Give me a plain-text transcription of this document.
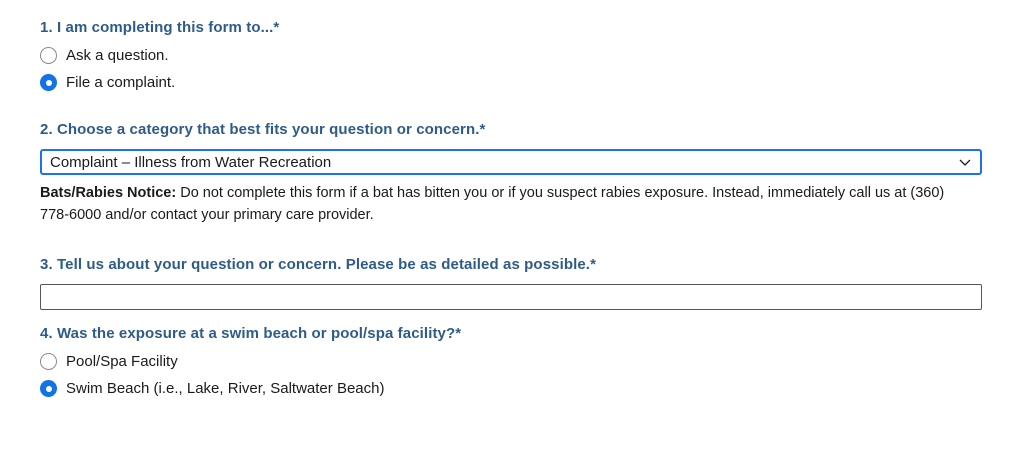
1. I am completing this form to...*
Ask a question.
File a complaint.
2. Choose a category that best fits your question or concern.*
Complaint – Illness from Water Recreation
Bats/Rabies Notice: Do not complete this form if a bat has bitten you or if you suspect rabies exposure. Instead, immediately call us at (360) 778-6000 and/or contact your primary care provider.
3. Tell us about your question or concern. Please be as detailed as possible.*
4. Was the exposure at a swim beach or pool/spa facility?*
Pool/Spa Facility
Swim Beach (i.e., Lake, River, Saltwater Beach)
